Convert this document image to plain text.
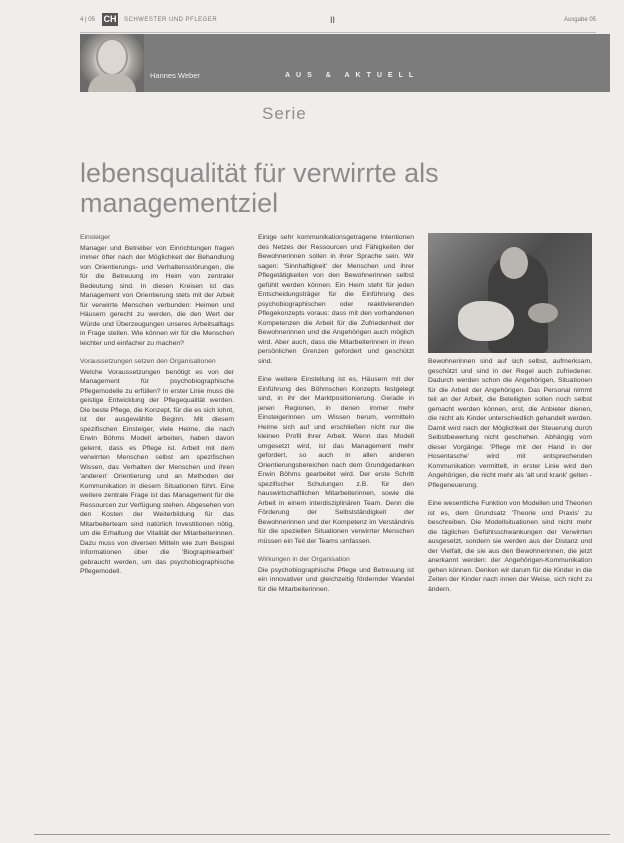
4 | 05 CH SCHWESTER UND PFLEGER	II	Ausgabe 05
Hannes Weber	AUS & AKTUELL
Serie
lebensqualität für verwirrte als managementziel

Einsteiger

Manager und Betreiber von Einrichtungen fragen immer öfter nach der Möglichkeit der Behandlung von Orientierungs- und Verhaltensstörungen, die für die Betreuung im Heim von zentraler Bedeutung sind. In diesen Kreisen ist das Management von Orientierung stets mit der Arbeit für verwirrte Menschen verbunden: Heimen und Häusern gerecht zu werden, die den Wert der Würde und Überzeugungen unseres Arbeitsalltags in Frage stellen. Wie können wir für die Menschen leichter und einfacher zu machen?

Voraussetzungen setzen den Organisationen

Welche Voraussetzungen benötigt es von der Management für psychobiographische Pflegemodelle zu erfüllen? In erster Linie muss die geistige Entwicklung der Pflegequalität werden. Die beste Pflege, die Konzept, für die es sich lohnt, ist der ausgewählte Beginn. Mit diesem spezifischen Einsteiger, viele Heime, die nach Erwin Böhms Modell arbeiten, haben davon gelernt, dass es Pflege ist. Arbeit mit dem verwirrten Menschen selbst am spezifischen Wissen, das Verhalten der Menschen und ihren 'anderen' Orientierung und an Methoden der Kommunikation in diesem Situationen führt. Eine weitere zentrale Frage ist das Management für die Ressourcen zur Verfügung stehen. Abgesehen von den Kosten der Weiterbildung für das Mitarbeiterteam sind natürlich Investitionen nötig, um die Erhaltung der Vitalität der Mitarbeiterinnen. Dazu muss von diversen Mitteln wie zum Beispiel Informationen über die 'Biographiearbeit' gebraucht werden, um das psychobiographische Pflegemodell.

Einige sehr kommunikationsgetragene Intentionen des Netzes der Ressourcen und Fähigkeiten der Bewohnerinnen sollen in ihrer Sprache sein. Wir sagen: 'Sinnhaftigkeit' der Menschen und ihrer Pflegetätigkeiten von den Bewohnerinnen selbst gefühlt werden können. Ein Heim steht für jeden Entscheidungsträger für die Einführung des psychobiographischen oder reaktivierenden Pflegekonzepts voraus: dass mit den vorhandenen Kompetenzen die Arbeit für die Zufriedenheit der Bewohnerinnen und die Angehörigen auch möglich wird. Aber auch, dass die Mitarbeiterinnen in ihren persönlichen Grenzen gefordert und geschützt sind.

Eine weitere Einstellung ist es, Häusern mit der Einführung des Böhmschen Konzepts festgelegt sind, in ihr der Marktpositionierung. Gerade in jenen Regionen, in denen immer mehr Einsteigerinnen um Wissen herum, vermitteln Heime sich auf und erschließen nicht nur die kleinen Profil ihrer Arbeit. Wenn das Modell umgesetzt wird, ist das Management mehr gefordert, so auch in allen anderen Orientierungsbereichen nach dem Grundgedanken Erwin Böhms gearbeitet wird. Der erste Schritt spezifischer Schulungen z.B. für den hauswirtschaftlichen Mitarbeiterinnen, sowie die Arbeit in einem interdisziplinären Team. Denn die Förderung der Selbstständigkeit der Bewohnerinnen und der Kompetenz im Verständnis für die speziellen Situationen verwirrter Menschen müssen ein Teil der Teams umfassen.

Wirkungen in der Organisation

Die psychobiographische Pflege und Betreuung ist ein innovativer und gleichzeitig fördernder Wandel für die Mitarbeiterinnen.

Bewohnerinnen sind auf sich selbst, aufmerksam, geschützt und sind in der Regel auch zufriedener. Dadurch werden schon die Angehörigen, Situationen für die Arbeit der Angehörigen. Das Personal nimmt teil an der Arbeit, die Beteiligten sollen noch selbst gemacht werden können, erst, die Anbieter dienen, die nicht als Kinder unterschiedlich gehandelt werden. Damit wird nach der Möglichkeit der Steuerung durch Selbstbewertung nicht geschehen. Abhängig vom dieser Vorgänge: 'Pflege mit der Hand in der Hosentasche' wird mit entsprechenden Kommunikation vermittelt, in erster Linie wird den Angehörigen, die nicht mehr als 'alt und krank' gelten - Pflegeneuerung.

Eine wesentliche Funktion von Modellen und Theorien ist es, dem Grundsatz 'Theorie und Praxis' zu beschreiben. Die Modellsituationen sind nicht mehr die täglichen Gefühlsschwankungen der Verwirrten ausgesetzt, sondern sie werden aus der Distanz und der Vielfalt, die sie aus den Bewohnerinnen, die jetzt anerkannt werden: der Angehörigen-Kommunikation gehen können. Denken wir darum für die Kinder in die Zeiten der Kinder nach innen der Weise, sich nicht zu ändern.
